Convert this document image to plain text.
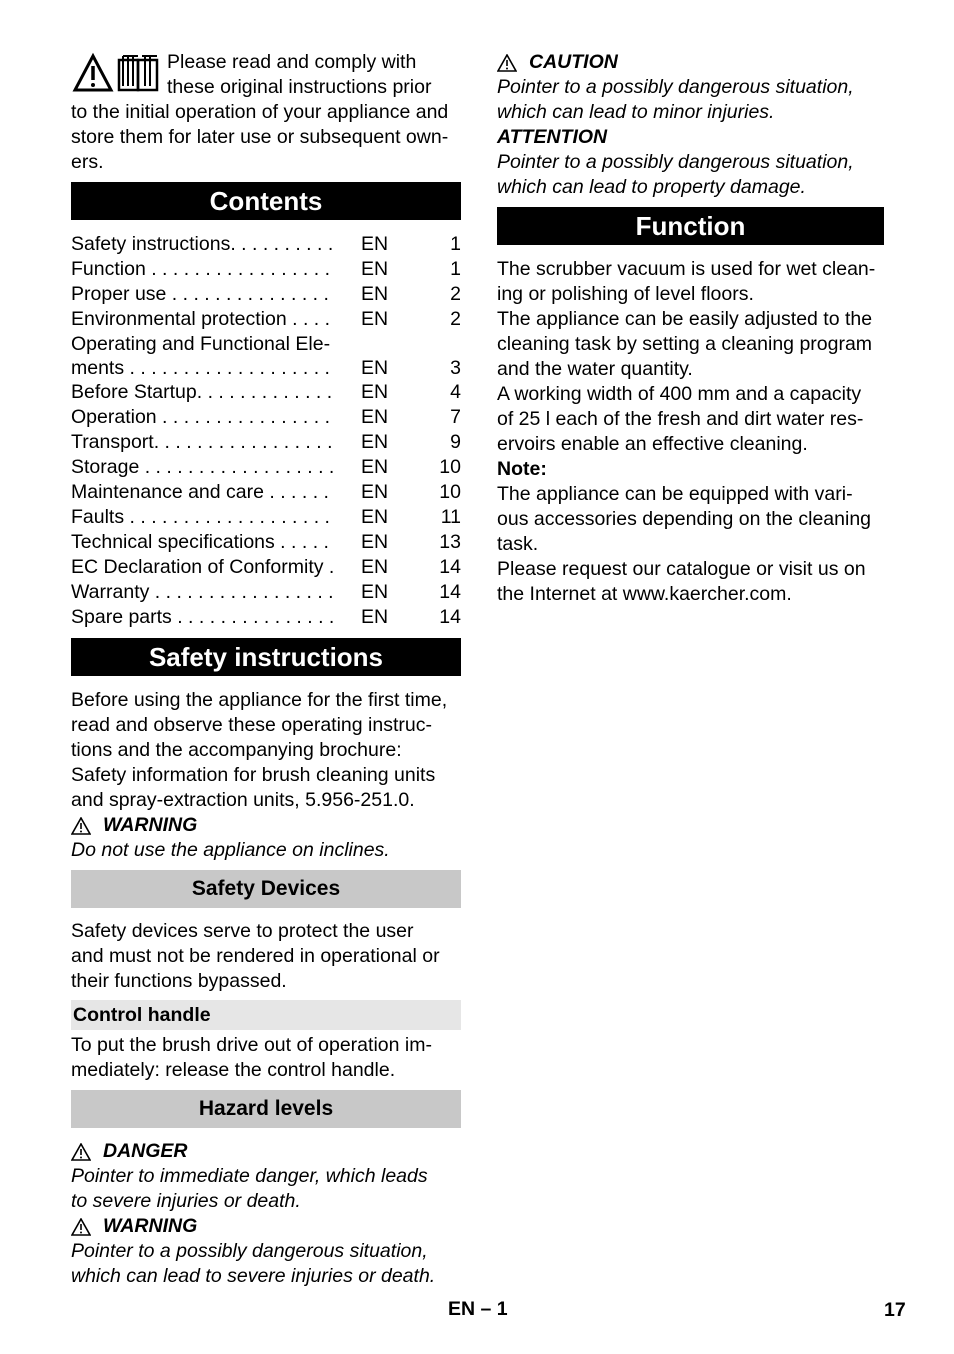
Please read and comply with

these original instructions prior

to the initial operation of your appliance and

store them for later use or subsequent own-

ers.

Contents
Safety instructions. . . . . . . . . .	EN	1
Function . . . . . . . . . . . . . . . . .	EN	1
Proper use . . . . . . . . . . . . . . .	EN	2
Environmental protection . . . .	EN	2
Operating and Functional Ele-
ments . . . . . . . . . . . . . . . . . . .	EN	3
Before Startup. . . . . . . . . . . . .	EN	4
Operation . . . . . . . . . . . . . . . .	EN	7
Transport. . . . . . . . . . . . . . . . .	EN	9
Storage . . . . . . . . . . . . . . . . . .	EN	10
Maintenance and care . . . . . .	EN	10
Faults . . . . . . . . . . . . . . . . . . .	EN	11
Technical specifications . . . . .	EN	13
EC Declaration of Conformity .	EN	14
Warranty . . . . . . . . . . . . . . . . .	EN	14
Spare parts . . . . . . . . . . . . . . .	EN	14
Safety instructions

Before using the appliance for the first time,

read and observe these operating instruc-

tions and the accompanying brochure:

Safety information for brush cleaning units

and spray-extraction units, 5.956-251.0.

WARNING

Do not use the appliance on inclines.

Safety Devices

Safety devices serve to protect the user

and must not be rendered in operational or

their functions bypassed.

Control handle

To put the brush drive out of operation im-

mediately: release the control handle.

Hazard levels
DANGER

Pointer to immediate danger, which leads

to severe injuries or death.

WARNING

Pointer to a possibly dangerous situation,

which can lead to severe injuries or death.

CAUTION

Pointer to a possibly dangerous situation,

which can lead to minor injuries.

ATTENTION

Pointer to a possibly dangerous situation,

which can lead to property damage.

Function

The scrubber vacuum is used for wet clean-

ing or polishing of level floors.

The appliance can be easily adjusted to the

cleaning task by setting a cleaning program

and the water quantity.

A working width of 400 mm and a capacity

of 25 l each of the fresh and dirt water res-

ervoirs enable an effective cleaning.

Note:

The appliance can be equipped with vari-

ous accessories depending on the cleaning

task.

Please request our catalogue or visit us on

the Internet at www.kaercher.com.

EN – 1	17
